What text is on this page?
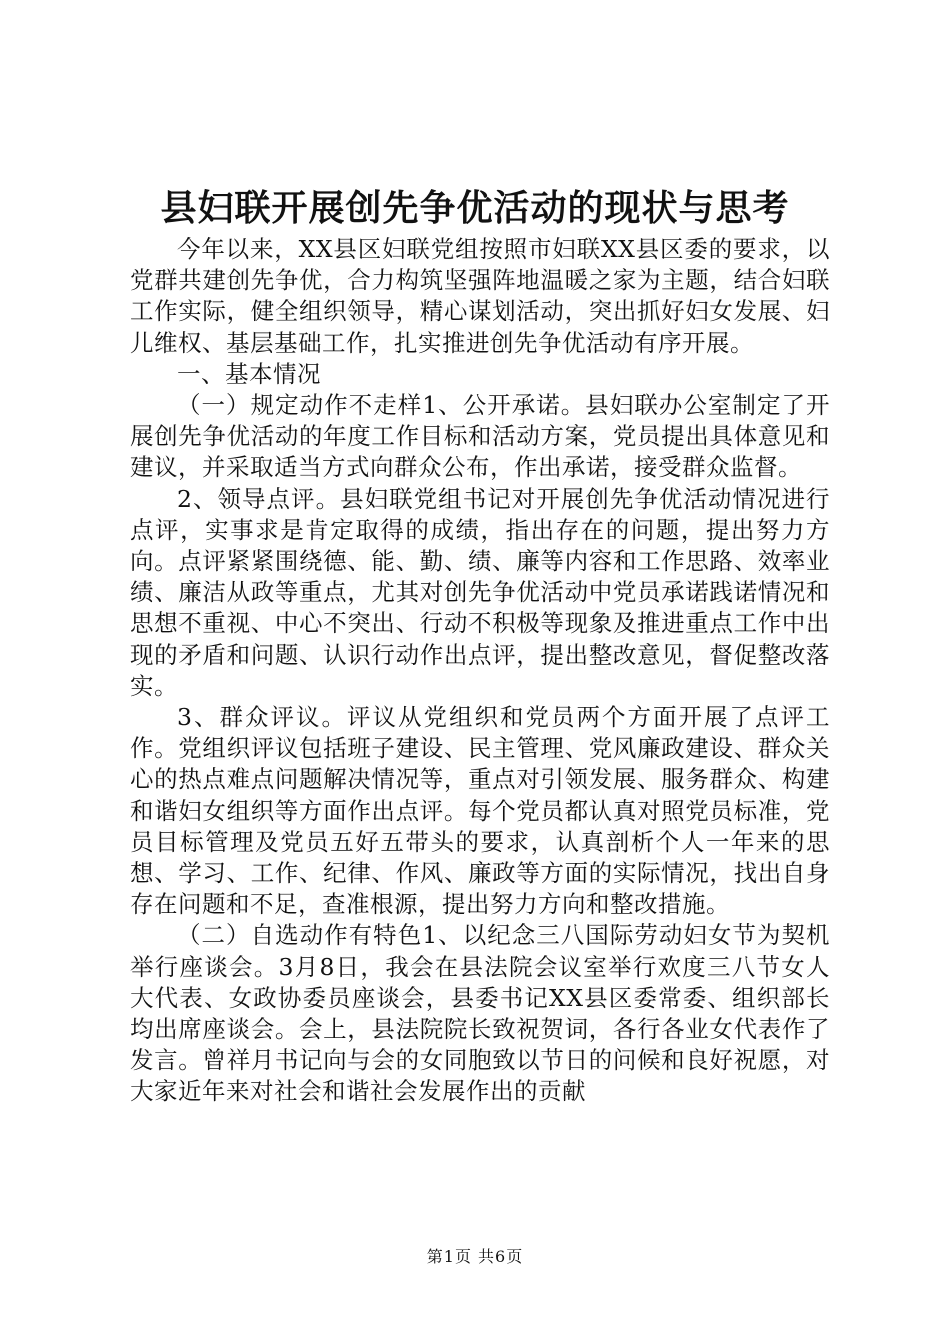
县妇联开展创先争优活动的现状与思考

今年以来，XX县区妇联党组按照市妇联XX县区委的要求，以党群共建创先争优，合力构筑坚强阵地温暖之家为主题，结合妇联工作实际，健全组织领导，精心谋划活动，突出抓好妇女发展、妇儿维权、基层基础工作，扎实推进创先争优活动有序开展。

一、基本情况

（一）规定动作不走样1、公开承诺。县妇联办公室制定了开展创先争优活动的年度工作目标和活动方案，党员提出具体意见和建议，并采取适当方式向群众公布，作出承诺，接受群众监督。

2、领导点评。县妇联党组书记对开展创先争优活动情况进行点评，实事求是肯定取得的成绩，指出存在的问题，提出努力方向。点评紧紧围绕德、能、勤、绩、廉等内容和工作思路、效率业绩、廉洁从政等重点，尤其对创先争优活动中党员承诺践诺情况和思想不重视、中心不突出、行动不积极等现象及推进重点工作中出现的矛盾和问题、认识行动作出点评，提出整改意见，督促整改落实。

3、群众评议。评议从党组织和党员两个方面开展了点评工作。党组织评议包括班子建设、民主管理、党风廉政建设、群众关心的热点难点问题解决情况等，重点对引领发展、服务群众、构建和谐妇女组织等方面作出点评。每个党员都认真对照党员标准，党员目标管理及党员五好五带头的要求，认真剖析个人一年来的思想、学习、工作、纪律、作风、廉政等方面的实际情况，找出自身存在问题和不足，查准根源，提出努力方向和整改措施。

（二）自选动作有特色1、以纪念三八国际劳动妇女节为契机举行座谈会。3月8日，我会在县法院会议室举行欢度三八节女人大代表、女政协委员座谈会，县委书记XX县区委常委、组织部长均出席座谈会。会上，县法院院长致祝贺词，各行各业女代表作了发言。曾祥月书记向与会的女同胞致以节日的问候和良好祝愿，对大家近年来对社会和谐社会发展作出的贡献

第1页 共6页
